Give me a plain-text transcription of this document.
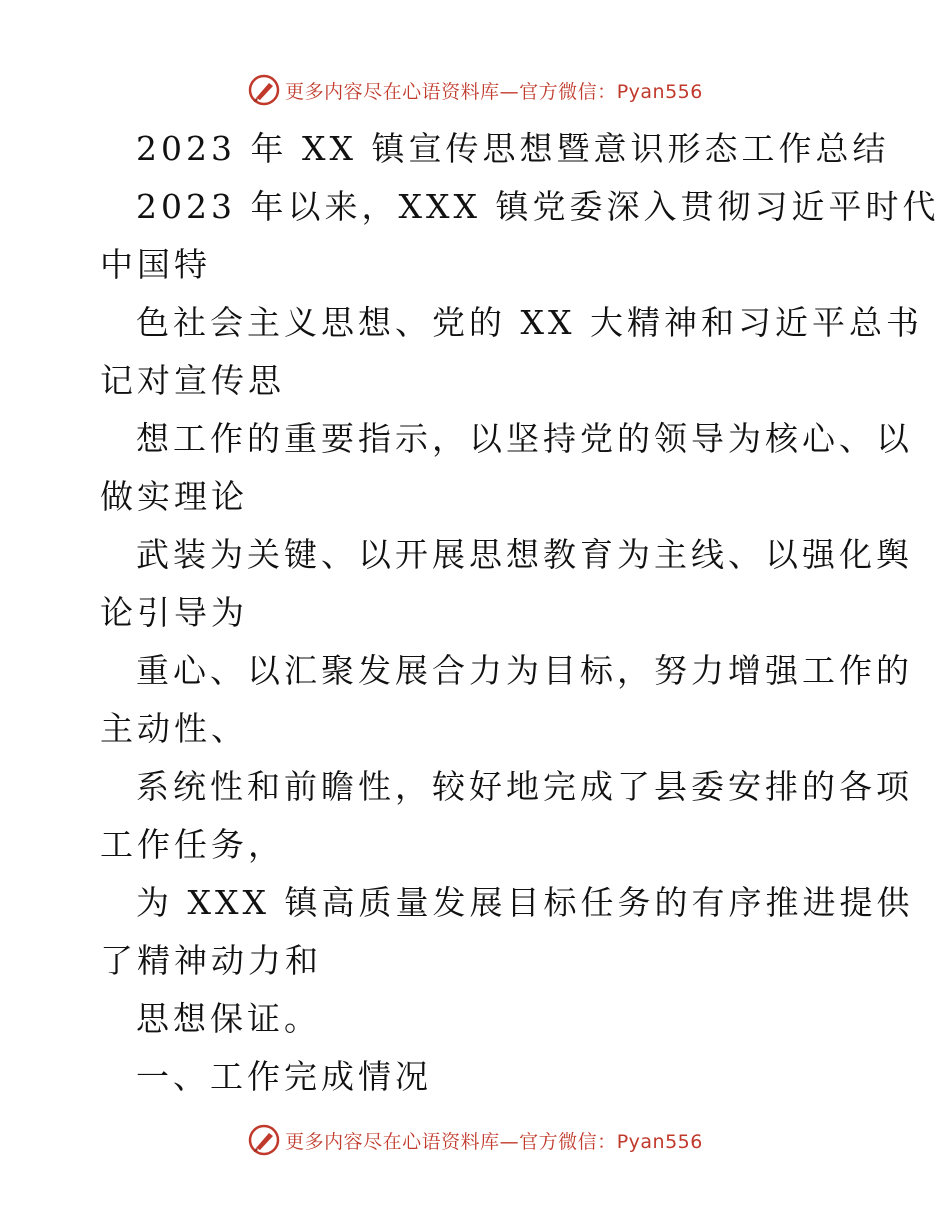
更多内容尽在心语资料库—官方微信：Pyan556
2023 年 XX 镇宣传思想暨意识形态工作总结
2023 年以来，XXX 镇党委深入贯彻习近平时代
中国特
色社会主义思想、党的 XX 大精神和习近平总书
记对宣传思
想工作的重要指示，以坚持党的领导为核心、以
做实理论
武装为关键、以开展思想教育为主线、以强化舆
论引导为
重心、以汇聚发展合力为目标，努力增强工作的
主动性、
系统性和前瞻性，较好地完成了县委安排的各项
工作任务，
为 XXX 镇高质量发展目标任务的有序推进提供
了精神动力和
思想保证。
一、工作完成情况
更多内容尽在心语资料库—官方微信：Pyan556
